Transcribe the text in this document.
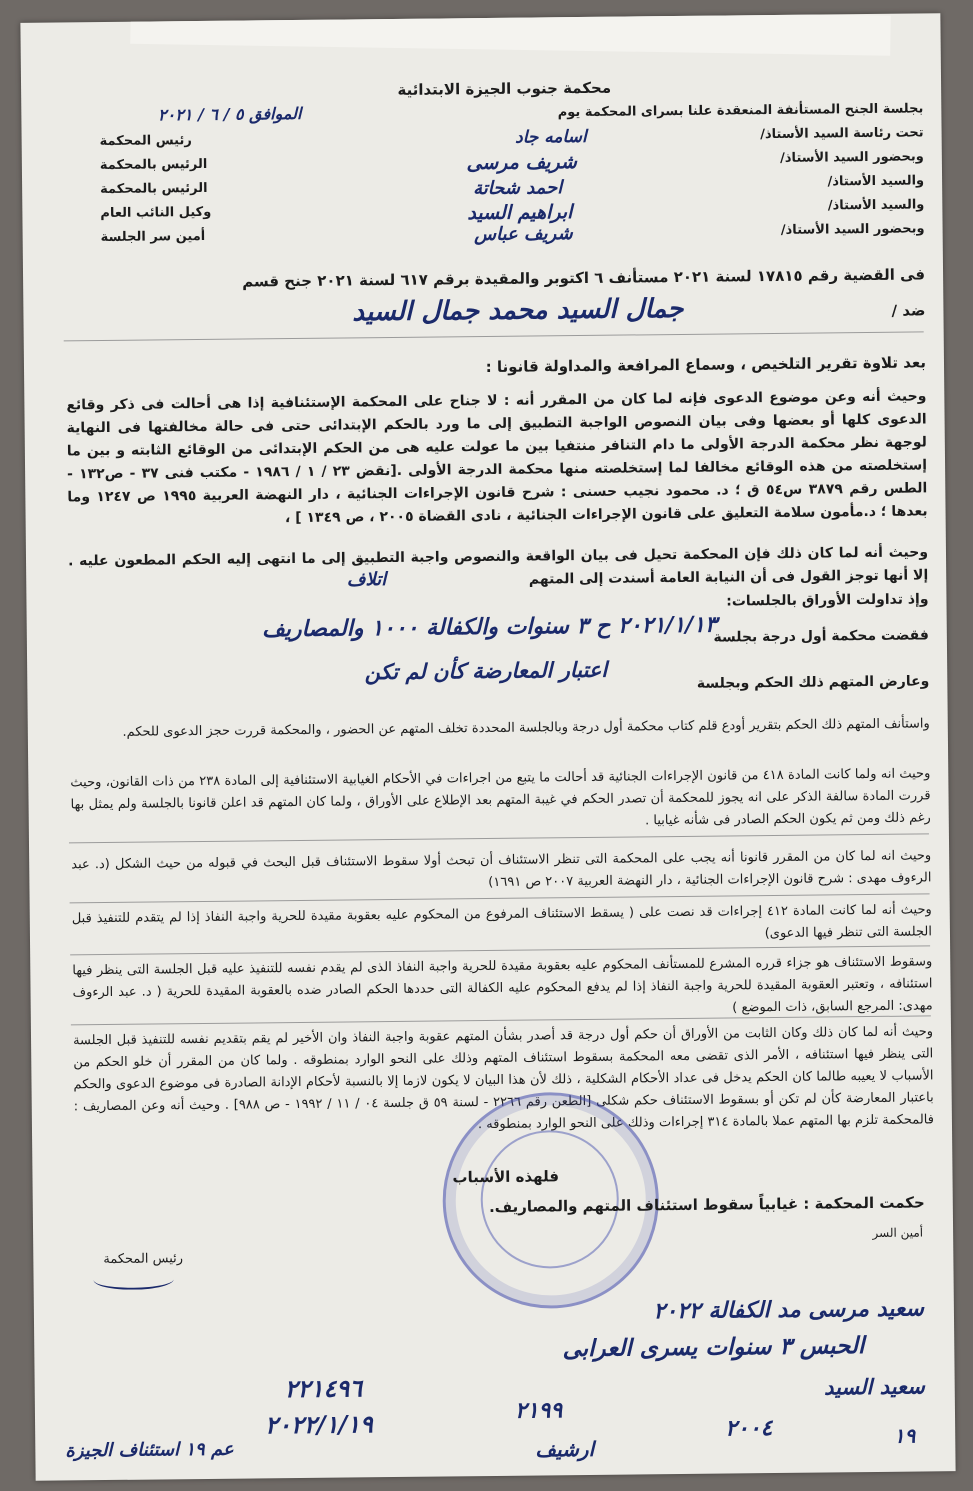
محكمة جنوب الجيزة الابتدائية
بجلسة الجنح المستأنفة المنعقدة علنا بسراى المحكمة يوم
الموافق ٥ / ٦ / ٢٠٢١
تحت رئاسة السيد الأستاذ/
اسامه جاد
رئيس المحكمة
وبحضور السيد الأستاذ/
شريف مرسى
الرئيس بالمحكمة
والسيد الأستاذ/
احمد شحاتة
الرئيس بالمحكمة
والسيد الأستاذ/
ابراهيم السيد
وكيل النائب العام
وبحضور السيد الأستاذ/
شريف عباس
أمين سر الجلسة
فى القضية رقم ١٧٨١٥ لسنة ٢٠٢١ مستأنف ٦ اكتوبر والمقيدة برقم ٦١٧ لسنة ٢٠٢١ جنح قسم
ضد /
جمال السيد محمد جمال السيد
بعد تلاوة تقرير التلخيص ، وسماع المرافعة والمداولة قانونا :
وحيث أنه وعن موضوع الدعوى فإنه لما كان من المقرر أنه : لا جناح على المحكمة الإستئنافية إذا هى أحالت فى ذكر وقائع الدعوى كلها أو بعضها وفى بيان النصوص الواجبة التطبيق إلى ما ورد بالحكم الإبتدائى حتى فى حالة مخالفتها فى النهاية لوجهة نظر محكمة الدرجة الأولى ما دام التنافر منتفيا بين ما عولت عليه هى من الحكم الإبتدائى من الوقائع الثابته و بين ما إستخلصته من هذه الوقائع مخالفا لما إستخلصته منها محكمة الدرجة الأولى .[نقض ٢٣ / ١ / ١٩٨٦ - مكتب فنى ٣٧ - ص١٣٢ - الطس رقم ٣٨٧٩ س٥٤ ق ؛ د. محمود نجيب حسنى : شرح قانون الإجراءات الجنائية ، دار النهضة العربية ١٩٩٥ ص ١٢٤٧ وما بعدها ؛ د.مأمون سلامة التعليق على قانون الإجراءات الجنائية ، نادى القضاة ٢٠٠٥ ، ص ١٣٤٩ ] ،
وحيث أنه لما كان ذلك فإن المحكمة تحيل فى بيان الواقعة والنصوص واجبة التطبيق إلى ما انتهى إليه الحكم المطعون عليه . إلا أنها توجز القول فى أن النيابة العامة أسندت إلى المتهم
وإذ تداولت الأوراق بالجلسات:
اتلاف
فقضت محكمة أول درجة بجلسة
٢٠٢١/١/١٣ ح ٣ سنوات والكفالة ١٠٠٠ والمصاريف
وعارض المتهم ذلك الحكم وبجلسة
اعتبار المعارضة كأن لم تكن
واستأنف المتهم ذلك الحكم بتقرير أودع قلم كتاب محكمة أول درجة وبالجلسة المحددة تخلف المتهم عن الحضور ، والمحكمة قررت حجز الدعوى للحكم.
وحيث انه ولما كانت المادة ٤١٨ من قانون الإجراءات الجنائية قد أحالت ما يتبع من اجراءات في الأحكام الغيابية الاستئنافية إلى المادة ٢٣٨ من ذات القانون، وحيث قررت المادة سالفة الذكر على انه يجوز للمحكمة أن تصدر الحكم في غيبة المتهم بعد الإطلاع على الأوراق ، ولما كان المتهم قد اعلن قانونا بالجلسة ولم يمثل بها رغم ذلك ومن ثم يكون الحكم الصادر فى شأنه غيابيا .
وحيث انه لما كان من المقرر قانونا أنه يجب على المحكمة التى تنظر الاستئناف أن تبحث أولا سقوط الاستئناف قبل البحث في قبوله من حيث الشكل (د. عبد الرءوف مهدى : شرح قانون الإجراءات الجنائية ، دار النهضة العربية ٢٠٠٧ ص ١٦٩١)
وحيث أنه لما كانت المادة ٤١٢ إجراءات قد نصت على ( يسقط الاستئناف المرفوع من المحكوم عليه بعقوبة مقيدة للحرية واجبة النفاذ إذا لم يتقدم للتنفيذ قبل الجلسة التى تنظر فيها الدعوى)
وسقوط الاستئناف هو جزاء قرره المشرع للمستأنف المحكوم عليه بعقوبة مقيدة للحرية واجبة النفاذ الذى لم يقدم نفسه للتنفيذ عليه قبل الجلسة التى ينظر فيها استئنافه ، وتعتبر العقوبة المقيدة للحرية واجبة النفاذ إذا لم يدفع المحكوم عليه الكفالة التى حددها الحكم الصادر ضده بالعقوبة المقيدة للحرية ( د. عبد الرءوف مهدى: المرجع السابق، ذات الموضع )
وحيث أنه لما كان ذلك وكان الثابت من الأوراق أن حكم أول درجة قد أصدر بشأن المتهم عقوبة واجبة النفاذ وان الأخير لم يقم بتقديم نفسه للتنفيذ قبل الجلسة التى ينظر فيها استئنافه ، الأمر الذى تقضى معه المحكمة بسقوط استئناف المتهم وذلك على النحو الوارد بمنطوقه . ولما كان من المقرر أن خلو الحكم من الأسباب لا يعيبه طالما كان الحكم يدخل فى عداد الأحكام الشكلية ، ذلك لأن هذا البيان لا يكون لازما إلا بالنسبة لأحكام الإدانة الصادرة فى موضوع الدعوى والحكم باعتبار المعارضة كأن لم تكن أو بسقوط الاستئناف حكم شكلى [الطعن رقم ٢٢٦٦ - لسنة ٥٩ ق جلسة ٠٤ / ١١ / ١٩٩٢ - ص ٩٨٨] . وحيث أنه وعن المصاريف : فالمحكمة تلزم بها المتهم عملا بالمادة ٣١٤ إجراءات وذلك على النحو الوارد بمنطوقه .
فلهذه الأسباب
حكمت المحكمة : غيابياً سقوط استئناف المتهم والمصاريف.
أمين السر
رئيس المحكمة
سعيد مرسى مد الكفالة ٢٠٢٢
الحبس ٣ سنوات يسرى العرابى
٢٢١٤٩٦
٢٠٢٢/١/١٩	٢١٩٩
ارشيف
٢٠٠٤
سعيد السيد
١٩
عم ١٩ استئناف الجيزة
